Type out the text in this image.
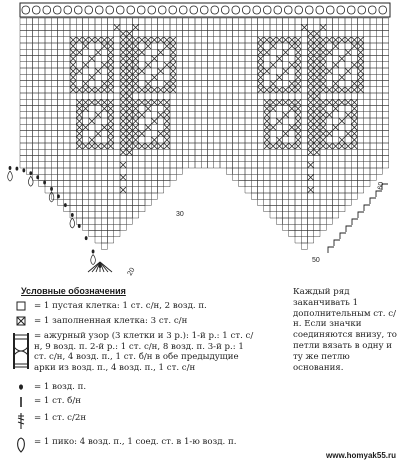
30
20
50
60
Условные обозначения
= 1 пустая клетка: 1 ст. с/н, 2 возд. п.
= 1 заполненная клетка: 3 ст. с/н
= ажурный узор (3 клетки и 3 р.): 1-й р.: 1 ст. с/н, 9 возд. п. 2-й р.: 1 ст. с/н, 8 возд. п. 3-й р.: 1 ст. с/н, 4 возд. п., 1 ст. б/н в обе предыдущие арки из возд. п., 4 возд. п., 1 ст. с/н
= 1 возд. п.
= 1 ст. б/н
= 1 ст. с/2н
= 1 пико: 4 возд. п., 1 соед. ст. в 1-ю возд. п.
Каждый ряд заканчивать 1 дополнительным ст. с/н. Если значки соединяются внизу, то петли вязать в одну и ту же петлю основания.
www.homyak55.ru
